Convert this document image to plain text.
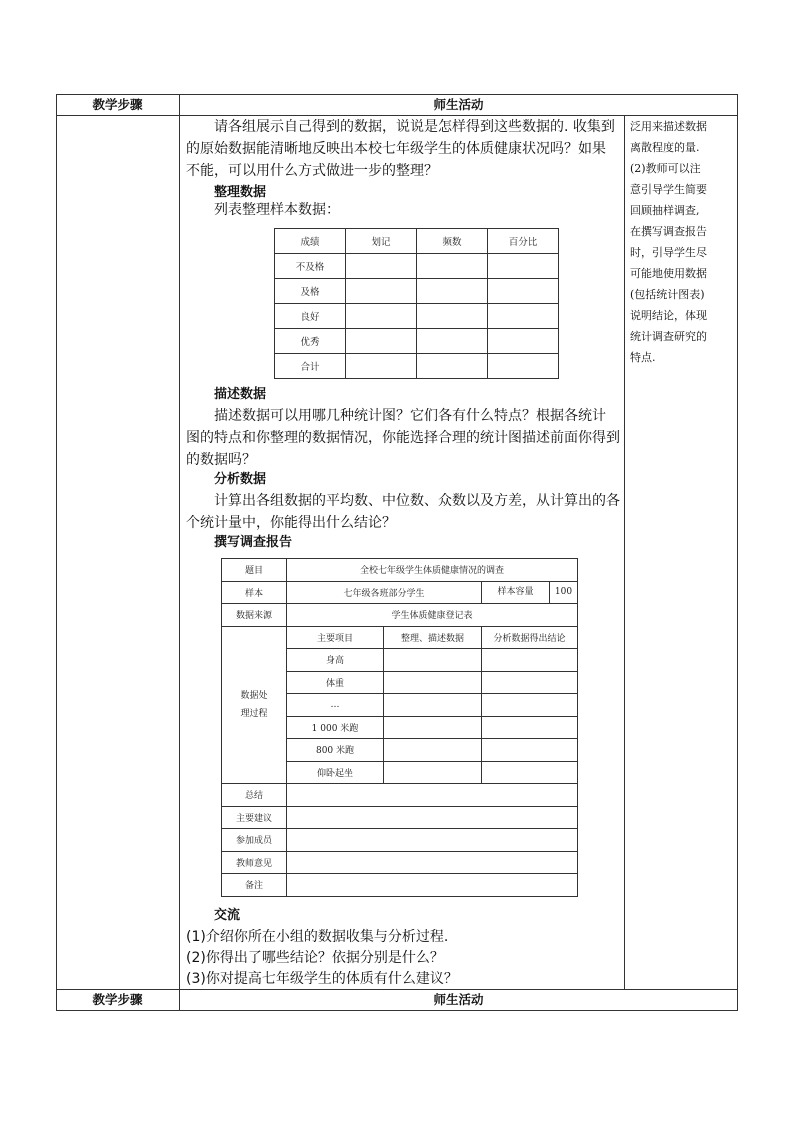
教学步骤	师生活动
请各组展示自己得到的数据，说说是怎样得到这些数据的. 收集到
的原始数据能清晰地反映出本校七年级学生的体质健康状况吗？如果
不能，可以用什么方式做进一步的整理？
整理数据
列表整理样本数据：
成绩	划记	频数	百分比
不及格			
及格			
良好			
优秀			
合计			
描述数据
描述数据可以用哪几种统计图？它们各有什么特点？根据各统计
图的特点和你整理的数据情况，你能选择合理的统计图描述前面你得到
的数据吗？
分析数据
计算出各组数据的平均数、中位数、众数以及方差，从计算出的各
个统计量中，你能得出什么结论？
撰写调查报告
题目	全校七年级学生体质健康情况的调查		
样本	七年级各班部分学生		样本容量 100

数据来源	学生体质健康登记表		
数据处
理过程	主要项目	整理、描述数据	分析数据得出结论
	身高		
	体重		
	…		
	1 000 米跑		
	800 米跑		
	仰卧起坐		
总结			
主要建议			
参加成员			
教师意见			
备注			
交流
(1)介绍你所在小组的数据收集与分析过程.
(2)你得出了哪些结论？依据分别是什么？
(3)你对提高七年级学生的体质有什么建议？
泛用来描述数据
离散程度的量.
(2)教师可以注
意引导学生简要
回顾抽样调查,
在撰写调查报告
时，引导学生尽
可能地使用数据
(包括统计图表)
说明结论，体现
统计调查研究的
特点.
教学步骤	师生活动
